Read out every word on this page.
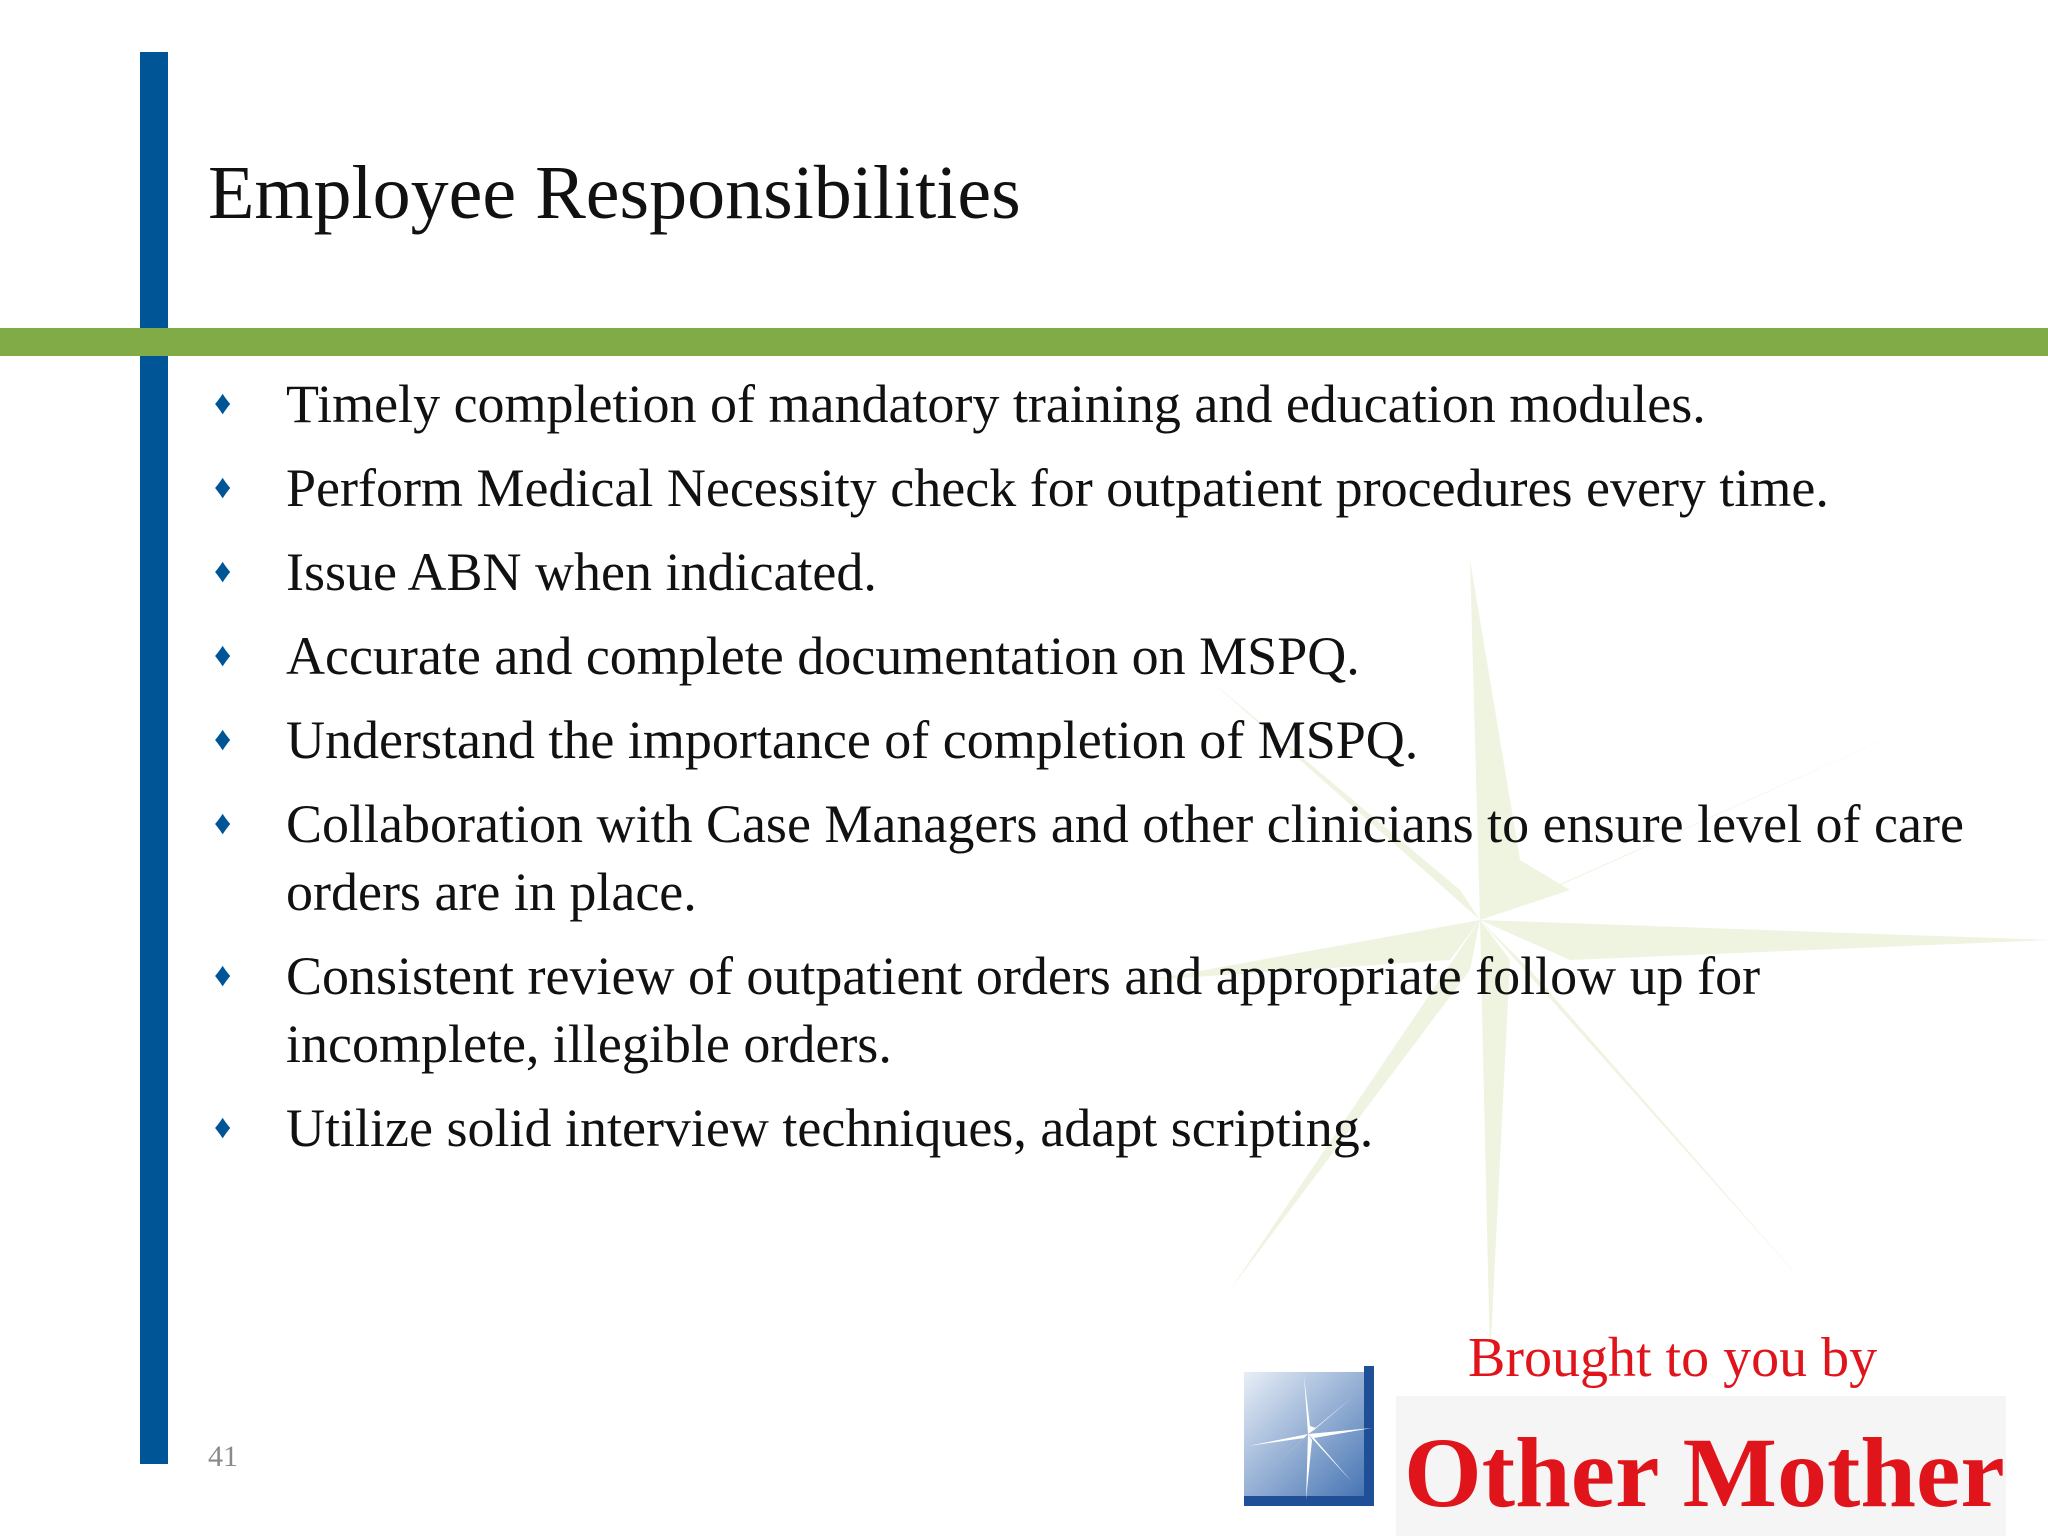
Employee Responsibilities
♦	Timely completion of mandatory training and education modules.
♦	Perform Medical Necessity check for outpatient procedures every time.
♦	Issue ABN when indicated.
♦	Accurate and complete documentation on MSPQ.
♦	Understand the importance of completion of MSPQ.
♦	Collaboration with Case Managers and other clinicians to ensure level of care orders are in place.
♦	Consistent review of outpatient orders and appropriate follow up for incomplete, illegible orders.
♦	Utilize solid interview techniques, adapt scripting.
41
Brought to you by
Other Mother
